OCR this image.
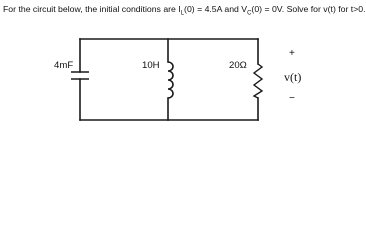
For the circuit below, the initial conditions are $I_L(0) = 4.5A$ and $V_C(0) = 0V$. Solve for v(t) for t>0.
4mF	10H	20Ω
+
v(t)
−
